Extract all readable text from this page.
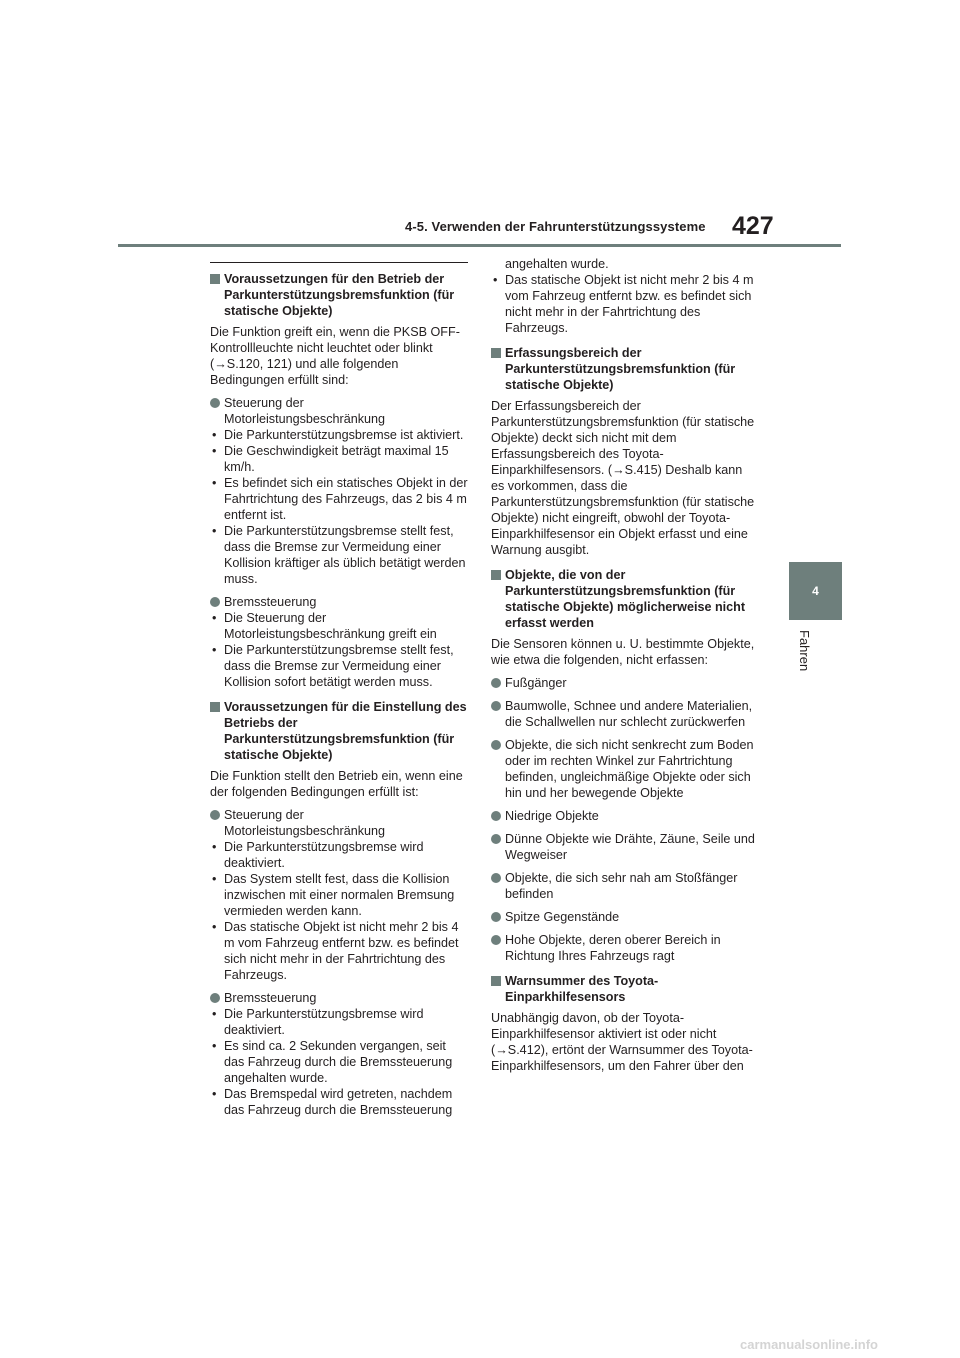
4-5. Verwenden der Fahrunterstützungssysteme 427
4
Fahren
Voraussetzungen für den Betrieb der Parkunterstützungsbremsfunktion (für statische Objekte)
Die Funktion greift ein, wenn die PKSB OFF-Kontrollleuchte nicht leuchtet oder blinkt (→S.120, 121) und alle folgenden Bedingungen erfüllt sind:
Steuerung der Motorleistungsbeschränkung
• Die Parkunterstützungsbremse ist aktiviert.
• Die Geschwindigkeit beträgt maximal 15 km/h.
• Es befindet sich ein statisches Objekt in der Fahrtrichtung des Fahrzeugs, das 2 bis 4 m entfernt ist.
• Die Parkunterstützungsbremse stellt fest, dass die Bremse zur Vermeidung einer Kollision kräftiger als üblich betätigt werden muss.
Bremssteuerung
• Die Steuerung der Motorleistungsbeschränkung greift ein
• Die Parkunterstützungsbremse stellt fest, dass die Bremse zur Vermeidung einer Kollision sofort betätigt werden muss.
Voraussetzungen für die Einstellung des Betriebs der Parkunterstützungsbremsfunktion (für statische Objekte)
Die Funktion stellt den Betrieb ein, wenn eine der folgenden Bedingungen erfüllt ist:
Steuerung der Motorleistungsbeschränkung
• Die Parkunterstützungsbremse wird deaktiviert.
• Das System stellt fest, dass die Kollision inzwischen mit einer normalen Bremsung vermieden werden kann.
• Das statische Objekt ist nicht mehr 2 bis 4 m vom Fahrzeug entfernt bzw. es befindet sich nicht mehr in der Fahrtrichtung des Fahrzeugs.
Bremssteuerung
• Die Parkunterstützungsbremse wird deaktiviert.
• Es sind ca. 2 Sekunden vergangen, seit das Fahrzeug durch die Bremssteuerung angehalten wurde.
• Das Bremspedal wird getreten, nachdem das Fahrzeug durch die Bremssteuerung
angehalten wurde.
• Das statische Objekt ist nicht mehr 2 bis 4 m vom Fahrzeug entfernt bzw. es befindet sich nicht mehr in der Fahrtrichtung des Fahrzeugs.
Erfassungsbereich der Parkunterstützungsbremsfunktion (für statische Objekte)
Der Erfassungsbereich der Parkunterstützungsbremsfunktion (für statische Objekte) deckt sich nicht mit dem Erfassungsbereich des Toyota-Einparkhilfesensors. (→S.415) Deshalb kann es vorkommen, dass die Parkunterstützungsbremsfunktion (für statische Objekte) nicht eingreift, obwohl der Toyota-Einparkhilfesensor ein Objekt erfasst und eine Warnung ausgibt.
Objekte, die von der Parkunterstützungsbremsfunktion (für statische Objekte) möglicherweise nicht erfasst werden
Die Sensoren können u. U. bestimmte Objekte, wie etwa die folgenden, nicht erfassen:
Fußgänger
Baumwolle, Schnee und andere Materialien, die Schallwellen nur schlecht zurückwerfen
Objekte, die sich nicht senkrecht zum Boden oder im rechten Winkel zur Fahrtrichtung befinden, ungleichmäßige Objekte oder sich hin und her bewegende Objekte
Niedrige Objekte
Dünne Objekte wie Drähte, Zäune, Seile und Wegweiser
Objekte, die sich sehr nah am Stoßfänger befinden
Spitze Gegenstände
Hohe Objekte, deren oberer Bereich in Richtung Ihres Fahrzeugs ragt
Warnsummer des Toyota-Einparkhilfesensors
Unabhängig davon, ob der Toyota-Einparkhilfesensor aktiviert ist oder nicht (→S.412), ertönt der Warnsummer des Toyota-Einparkhilfesensors, um den Fahrer über den
carmanualsonline.info
